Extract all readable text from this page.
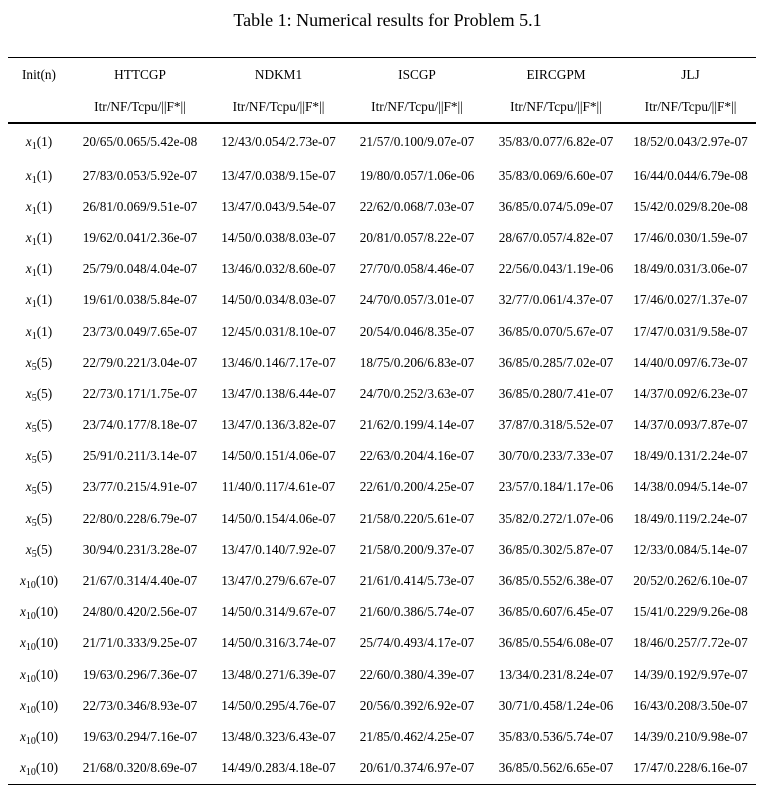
Table 1: Numerical results for Problem 5.1
Init(n)	HTTCGP	NDKM1	ISCGP	EIRCGPM	JLJ
	Itr/NF/Tcpu/||F*||	Itr/NF/Tcpu/||F*||	Itr/NF/Tcpu/||F*||	Itr/NF/Tcpu/||F*||	Itr/NF/Tcpu/||F*||
$x_1(1)$	20/65/0.065/5.42e-08	12/43/0.054/2.73e-07	21/57/0.100/9.07e-07	35/83/0.077/6.82e-07	18/52/0.043/2.97e-07
$x_1(1)$	27/83/0.053/5.92e-07	13/47/0.038/9.15e-07	19/80/0.057/1.06e-06	35/83/0.069/6.60e-07	16/44/0.044/6.79e-08
$x_1(1)$	26/81/0.069/9.51e-07	13/47/0.043/9.54e-07	22/62/0.068/7.03e-07	36/85/0.074/5.09e-07	15/42/0.029/8.20e-08
$x_1(1)$	19/62/0.041/2.36e-07	14/50/0.038/8.03e-07	20/81/0.057/8.22e-07	28/67/0.057/4.82e-07	17/46/0.030/1.59e-07
$x_1(1)$	25/79/0.048/4.04e-07	13/46/0.032/8.60e-07	27/70/0.058/4.46e-07	22/56/0.043/1.19e-06	18/49/0.031/3.06e-07
$x_1(1)$	19/61/0.038/5.84e-07	14/50/0.034/8.03e-07	24/70/0.057/3.01e-07	32/77/0.061/4.37e-07	17/46/0.027/1.37e-07
$x_1(1)$	23/73/0.049/7.65e-07	12/45/0.031/8.10e-07	20/54/0.046/8.35e-07	36/85/0.070/5.67e-07	17/47/0.031/9.58e-07
$x_5(5)$	22/79/0.221/3.04e-07	13/46/0.146/7.17e-07	18/75/0.206/6.83e-07	36/85/0.285/7.02e-07	14/40/0.097/6.73e-07
$x_5(5)$	22/73/0.171/1.75e-07	13/47/0.138/6.44e-07	24/70/0.252/3.63e-07	36/85/0.280/7.41e-07	14/37/0.092/6.23e-07
$x_5(5)$	23/74/0.177/8.18e-07	13/47/0.136/3.82e-07	21/62/0.199/4.14e-07	37/87/0.318/5.52e-07	14/37/0.093/7.87e-07
$x_5(5)$	25/91/0.211/3.14e-07	14/50/0.151/4.06e-07	22/63/0.204/4.16e-07	30/70/0.233/7.33e-07	18/49/0.131/2.24e-07
$x_5(5)$	23/77/0.215/4.91e-07	11/40/0.117/4.61e-07	22/61/0.200/4.25e-07	23/57/0.184/1.17e-06	14/38/0.094/5.14e-07
$x_5(5)$	22/80/0.228/6.79e-07	14/50/0.154/4.06e-07	21/58/0.220/5.61e-07	35/82/0.272/1.07e-06	18/49/0.119/2.24e-07
$x_5(5)$	30/94/0.231/3.28e-07	13/47/0.140/7.92e-07	21/58/0.200/9.37e-07	36/85/0.302/5.87e-07	12/33/0.084/5.14e-07
$x_{10}(10)$	21/67/0.314/4.40e-07	13/47/0.279/6.67e-07	21/61/0.414/5.73e-07	36/85/0.552/6.38e-07	20/52/0.262/6.10e-07
$x_{10}(10)$	24/80/0.420/2.56e-07	14/50/0.314/9.67e-07	21/60/0.386/5.74e-07	36/85/0.607/6.45e-07	15/41/0.229/9.26e-08
$x_{10}(10)$	21/71/0.333/9.25e-07	14/50/0.316/3.74e-07	25/74/0.493/4.17e-07	36/85/0.554/6.08e-07	18/46/0.257/7.72e-07
$x_{10}(10)$	19/63/0.296/7.36e-07	13/48/0.271/6.39e-07	22/60/0.380/4.39e-07	13/34/0.231/8.24e-07	14/39/0.192/9.97e-07
$x_{10}(10)$	22/73/0.346/8.93e-07	14/50/0.295/4.76e-07	20/56/0.392/6.92e-07	30/71/0.458/1.24e-06	16/43/0.208/3.50e-07
$x_{10}(10)$	19/63/0.294/7.16e-07	13/48/0.323/6.43e-07	21/85/0.462/4.25e-07	35/83/0.536/5.74e-07	14/39/0.210/9.98e-07
$x_{10}(10)$	21/68/0.320/8.69e-07	14/49/0.283/4.18e-07	20/61/0.374/6.97e-07	36/85/0.562/6.65e-07	17/47/0.228/6.16e-07
